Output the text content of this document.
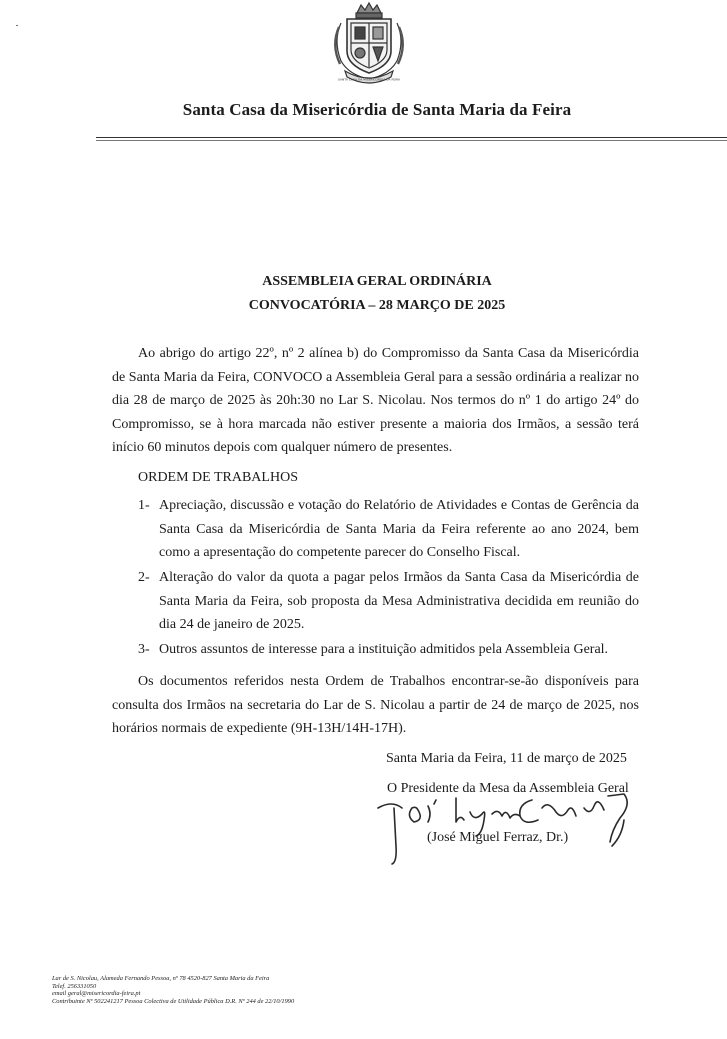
SANTA CASA DA MISERICÓRDIA DA FEIRA
Santa Casa da Misericórdia de Santa Maria da Feira
ASSEMBLEIA GERAL ORDINÁRIA
CONVOCATÓRIA – 28 MARÇO DE 2025

Ao abrigo do artigo 22º, nº 2 alínea b) do Compromisso da Santa Casa da Misericórdia de Santa Maria da Feira, CONVOCO a Assembleia Geral para a sessão ordinária a realizar no dia 28 de março de 2025 às 20h:30 no Lar S. Nicolau. Nos termos do nº 1 do artigo 24º do Compromisso, se à hora marcada não estiver presente a maioria dos Irmãos, a sessão terá início 60 minutos depois com qualquer número de presentes.

ORDEM DE TRABALHOS
1- Apreciação, discussão e votação do Relatório de Atividades e Contas de Gerência da Santa Casa da Misericórdia de Santa Maria da Feira referente ao ano 2024, bem como a apresentação do competente parecer do Conselho Fiscal.
2- Alteração do valor da quota a pagar pelos Irmãos da Santa Casa da Misericórdia de Santa Maria da Feira, sob proposta da Mesa Administrativa decidida em reunião do dia 24 de janeiro de 2025.
3- Outros assuntos de interesse para a instituição admitidos pela Assembleia Geral.

Os documentos referidos nesta Ordem de Trabalhos encontrar-se-ão disponíveis para consulta dos Irmãos na secretaria do Lar de S. Nicolau a partir de 24 de março de 2025, nos horários normais de expediente (9H-13H/14H-17H).

Santa Maria da Feira, 11 de março de 2025
O Presidente da Mesa da Assembleia Geral
(José Miguel Ferraz, Dr.)
Lar de S. Nicolau, Alameda Fernando Pessoa, nº 78 4520-827 Santa Maria da Feira
Telef. 256331050
email geral@misericordia-feira.pt
Contribuinte Nº 502241217 Pessoa Colectiva de Utilidade Pública D.R. Nº 244 de 22/10/1990
